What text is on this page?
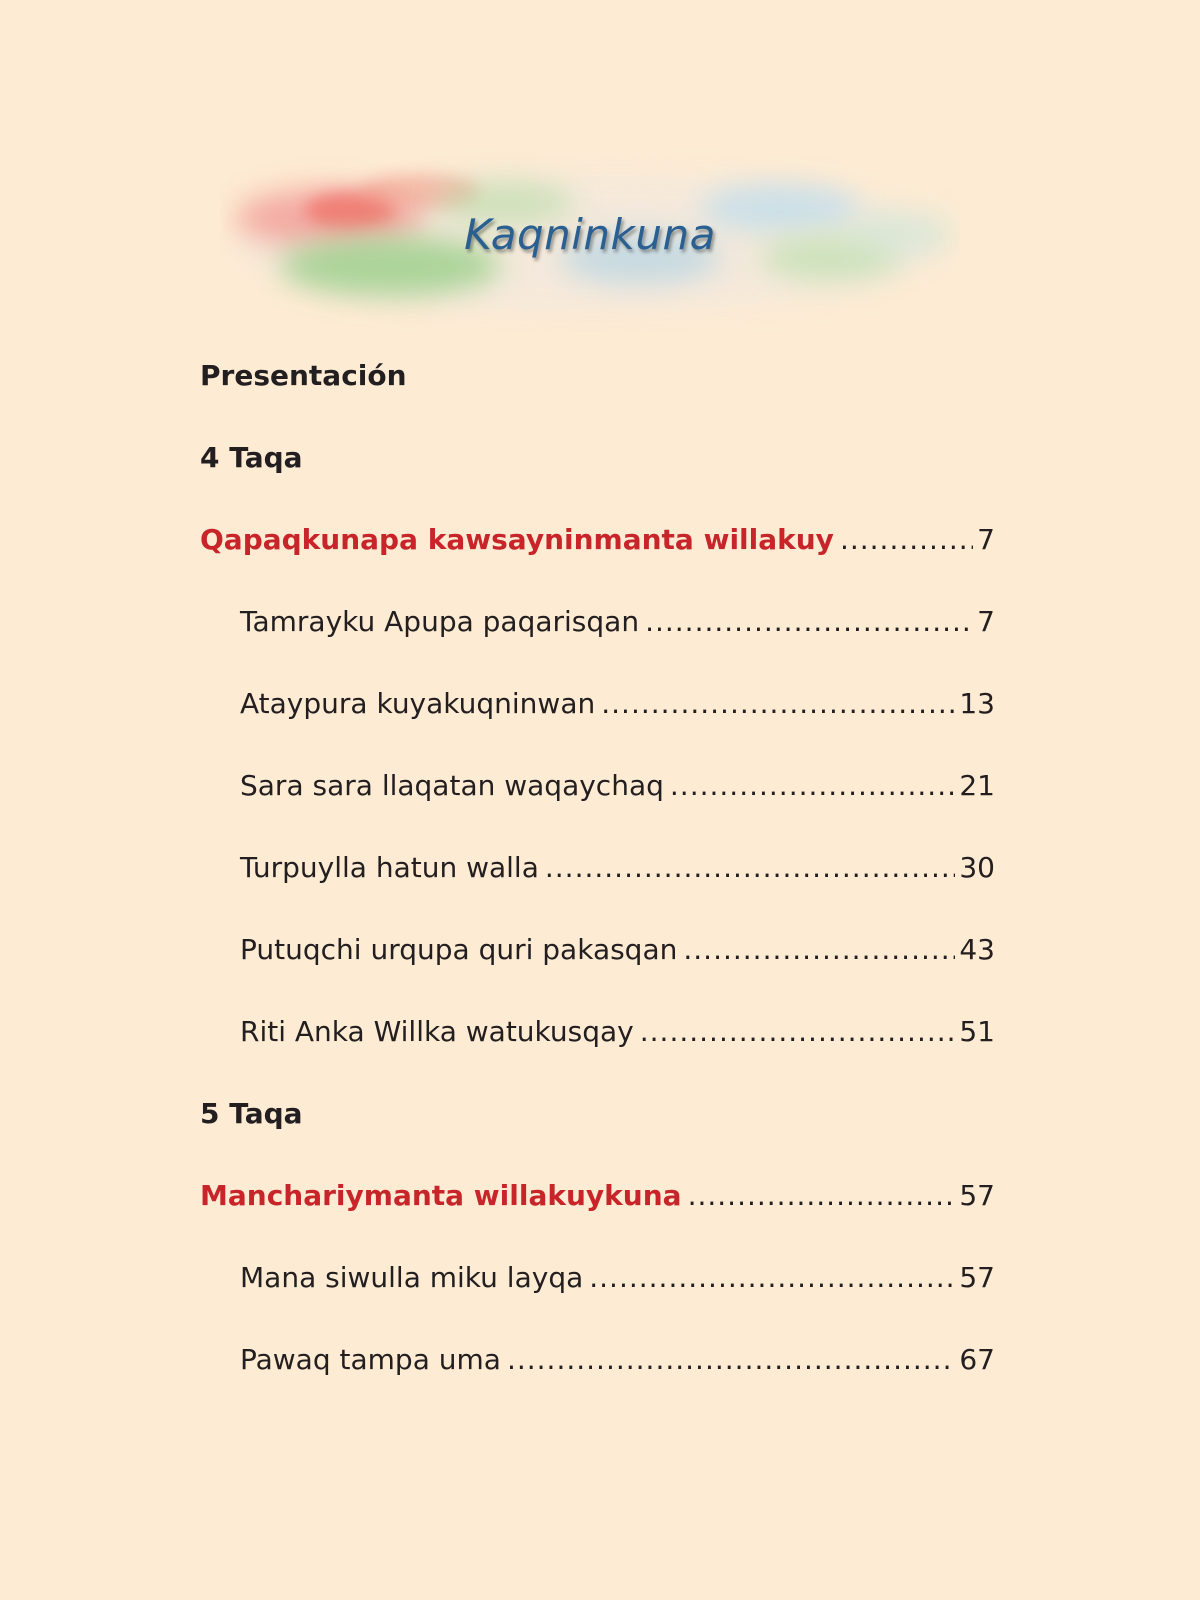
Kaqninkuna
Presentación
4 Taqa
Qapaqkunapa kawsayninmanta willakuy .....	7
Tamrayku Apupa paqarisqan .....	7
Ataypura kuyakuqninwan .....	13
Sara sara llaqatan waqaychaq .....	21
Turpuylla hatun walla .....	30
Putuqchi urqupa quri pakasqan .....	43
Riti Anka Willka watukusqay .....	51
5 Taqa
Manchariymanta willakuykuna .....	57
Mana siwulla miku layqa .....	57
Pawaq tampa uma .....	67
